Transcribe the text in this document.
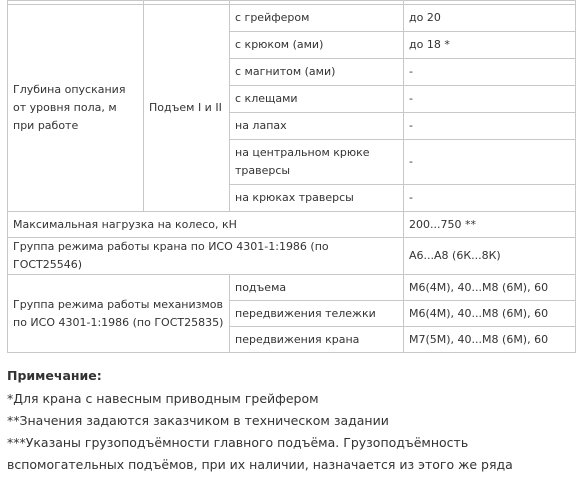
Глубина опускания от уровня пола, м при работе	Подъем I и II	с грейфером	до 20
		с крюком (ами)	до 18 *
		с магнитом (ами)	-
		с клещами	-
		на лапах	-
		на центральном крюке траверсы	-
		на крюках траверсы	-
Максимальная нагрузка на колесо, кН			200...750 **
Группа режима работы крана по ИСО 4301-1:1986 (по ГОСТ25546)			А6...А8 (6К...8К)
Группа режима работы механизмов по ИСО 4301-1:1986 (по ГОСТ25835)		подъема	М6(4М), 40...М8 (6М), 60
		передвижения тележки	М6(4М), 40...М8 (6М), 60
		передвижения крана	М7(5М), 40...М8 (6М), 60
Примечание:

*Для крана с навесным приводным грейфером

**Значения задаются заказчиком в техническом задании

***Указаны грузоподъёмности главного подъёма. Грузоподъёмность вспомогательных подъёмов, при их наличии, назначается из этого же ряда
